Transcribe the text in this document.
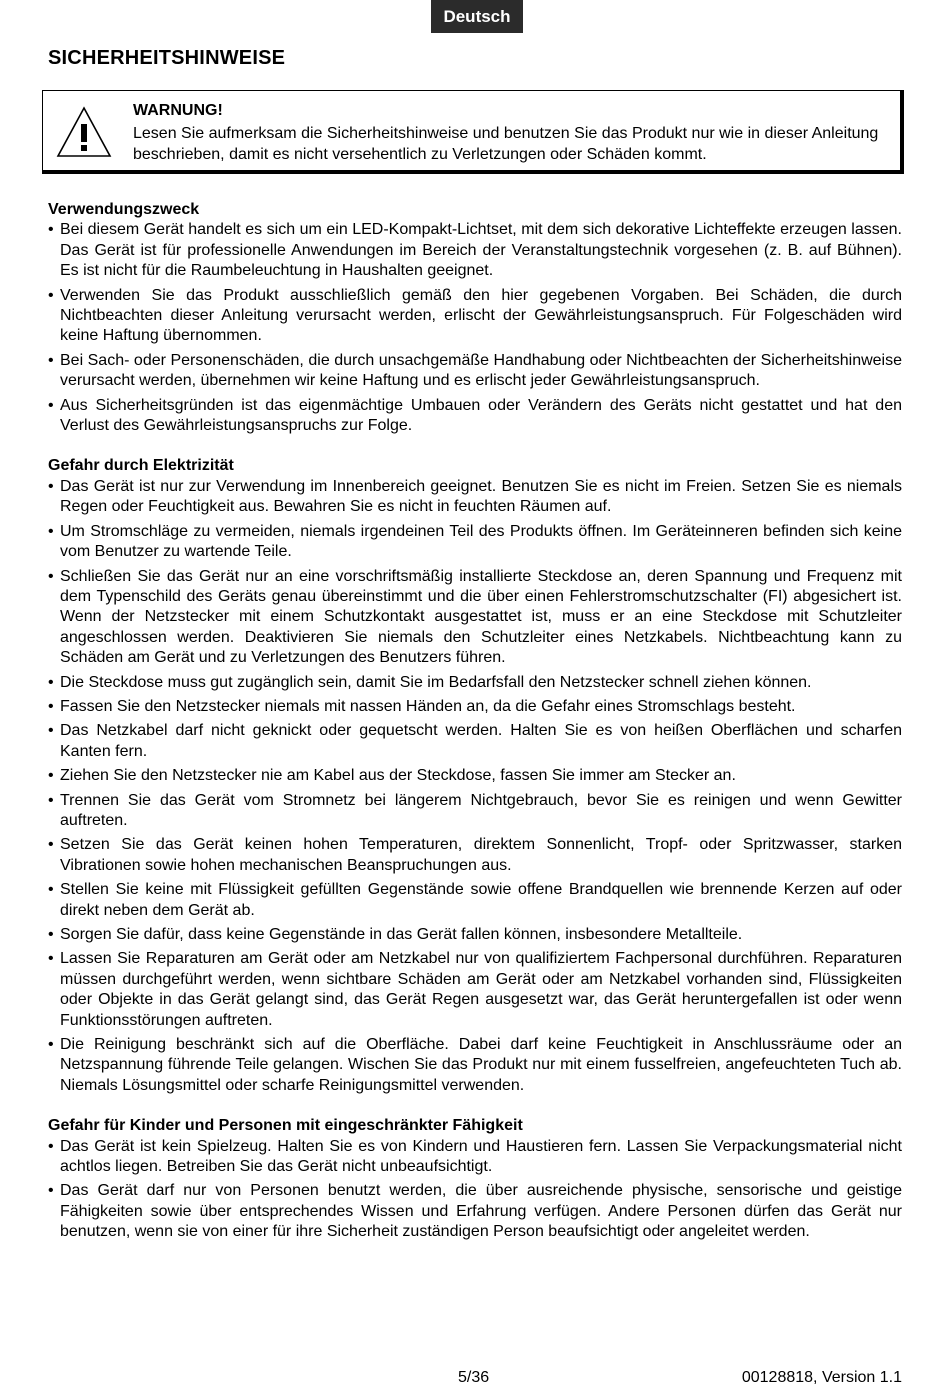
Deutsch
SICHERHEITSHINWEISE
WARNUNG!
Lesen Sie aufmerksam die Sicherheitshinweise und benutzen Sie das Produkt nur wie in dieser Anleitung beschrieben, damit es nicht versehentlich zu Verletzungen oder Schäden kommt.
Verwendungszweck
• Bei diesem Gerät handelt es sich um ein LED-Kompakt-Lichtset, mit dem sich dekorative Lichteffekte erzeugen lassen. Das Gerät ist für professionelle Anwendungen im Bereich der Veranstaltungstechnik vorgesehen (z. B. auf Bühnen). Es ist nicht für die Raumbeleuchtung in Haushalten geeignet.
• Verwenden Sie das Produkt ausschließlich gemäß den hier gegebenen Vorgaben. Bei Schäden, die durch Nichtbeachten dieser Anleitung verursacht werden, erlischt der Gewährleistungsanspruch. Für Folgeschäden wird keine Haftung übernommen.
• Bei Sach- oder Personenschäden, die durch unsachgemäße Handhabung oder Nichtbeachten der Sicherheitshinweise verursacht werden, übernehmen wir keine Haftung und es erlischt jeder Gewährleistungsanspruch.
• Aus Sicherheitsgründen ist das eigenmächtige Umbauen oder Verändern des Geräts nicht gestattet und hat den Verlust des Gewährleistungsanspruchs zur Folge.
Gefahr durch Elektrizität
• Das Gerät ist nur zur Verwendung im Innenbereich geeignet. Benutzen Sie es nicht im Freien. Setzen Sie es niemals Regen oder Feuchtigkeit aus. Bewahren Sie es nicht in feuchten Räumen auf.
• Um Stromschläge zu vermeiden, niemals irgendeinen Teil des Produkts öffnen. Im Geräteinneren befinden sich keine vom Benutzer zu wartende Teile.
• Schließen Sie das Gerät nur an eine vorschriftsmäßig installierte Steckdose an, deren Spannung und Frequenz mit dem Typenschild des Geräts genau übereinstimmt und die über einen Fehlerstromschutzschalter (FI) abgesichert ist. Wenn der Netzstecker mit einem Schutzkontakt ausgestattet ist, muss er an eine Steckdose mit Schutzleiter angeschlossen werden. Deaktivieren Sie niemals den Schutzleiter eines Netzkabels. Nichtbeachtung kann zu Schäden am Gerät und zu Verletzungen des Benutzers führen.
• Die Steckdose muss gut zugänglich sein, damit Sie im Bedarfsfall den Netzstecker schnell ziehen können.
• Fassen Sie den Netzstecker niemals mit nassen Händen an, da die Gefahr eines Stromschlags besteht.
• Das Netzkabel darf nicht geknickt oder gequetscht werden. Halten Sie es von heißen Oberflächen und scharfen Kanten fern.
• Ziehen Sie den Netzstecker nie am Kabel aus der Steckdose, fassen Sie immer am Stecker an.
• Trennen Sie das Gerät vom Stromnetz bei längerem Nichtgebrauch, bevor Sie es reinigen und wenn Gewitter auftreten.
• Setzen Sie das Gerät keinen hohen Temperaturen, direktem Sonnenlicht, Tropf- oder Spritzwasser, starken Vibrationen sowie hohen mechanischen Beanspruchungen aus.
• Stellen Sie keine mit Flüssigkeit gefüllten Gegenstände sowie offene Brandquellen wie brennende Kerzen auf oder direkt neben dem Gerät ab.
• Sorgen Sie dafür, dass keine Gegenstände in das Gerät fallen können, insbesondere Metallteile.
• Lassen Sie Reparaturen am Gerät oder am Netzkabel nur von qualifiziertem Fachpersonal durchführen. Reparaturen müssen durchgeführt werden, wenn sichtbare Schäden am Gerät oder am Netzkabel vorhanden sind, Flüssigkeiten oder Objekte in das Gerät gelangt sind, das Gerät Regen ausgesetzt war, das Gerät heruntergefallen ist oder wenn Funktionsstörungen auftreten.
• Die Reinigung beschränkt sich auf die Oberfläche. Dabei darf keine Feuchtigkeit in Anschlussräume oder an Netzspannung führende Teile gelangen. Wischen Sie das Produkt nur mit einem fusselfreien, angefeuchteten Tuch ab. Niemals Lösungsmittel oder scharfe Reinigungsmittel verwenden.
Gefahr für Kinder und Personen mit eingeschränkter Fähigkeit
• Das Gerät ist kein Spielzeug. Halten Sie es von Kindern und Haustieren fern. Lassen Sie Verpackungsmaterial nicht achtlos liegen. Betreiben Sie das Gerät nicht unbeaufsichtigt.
• Das Gerät darf nur von Personen benutzt werden, die über ausreichende physische, sensorische und geistige Fähigkeiten sowie über entsprechendes Wissen und Erfahrung verfügen. Andere Personen dürfen das Gerät nur benutzen, wenn sie von einer für ihre Sicherheit zuständigen Person beaufsichtigt oder angeleitet werden.
5/36	00128818, Version 1.1
